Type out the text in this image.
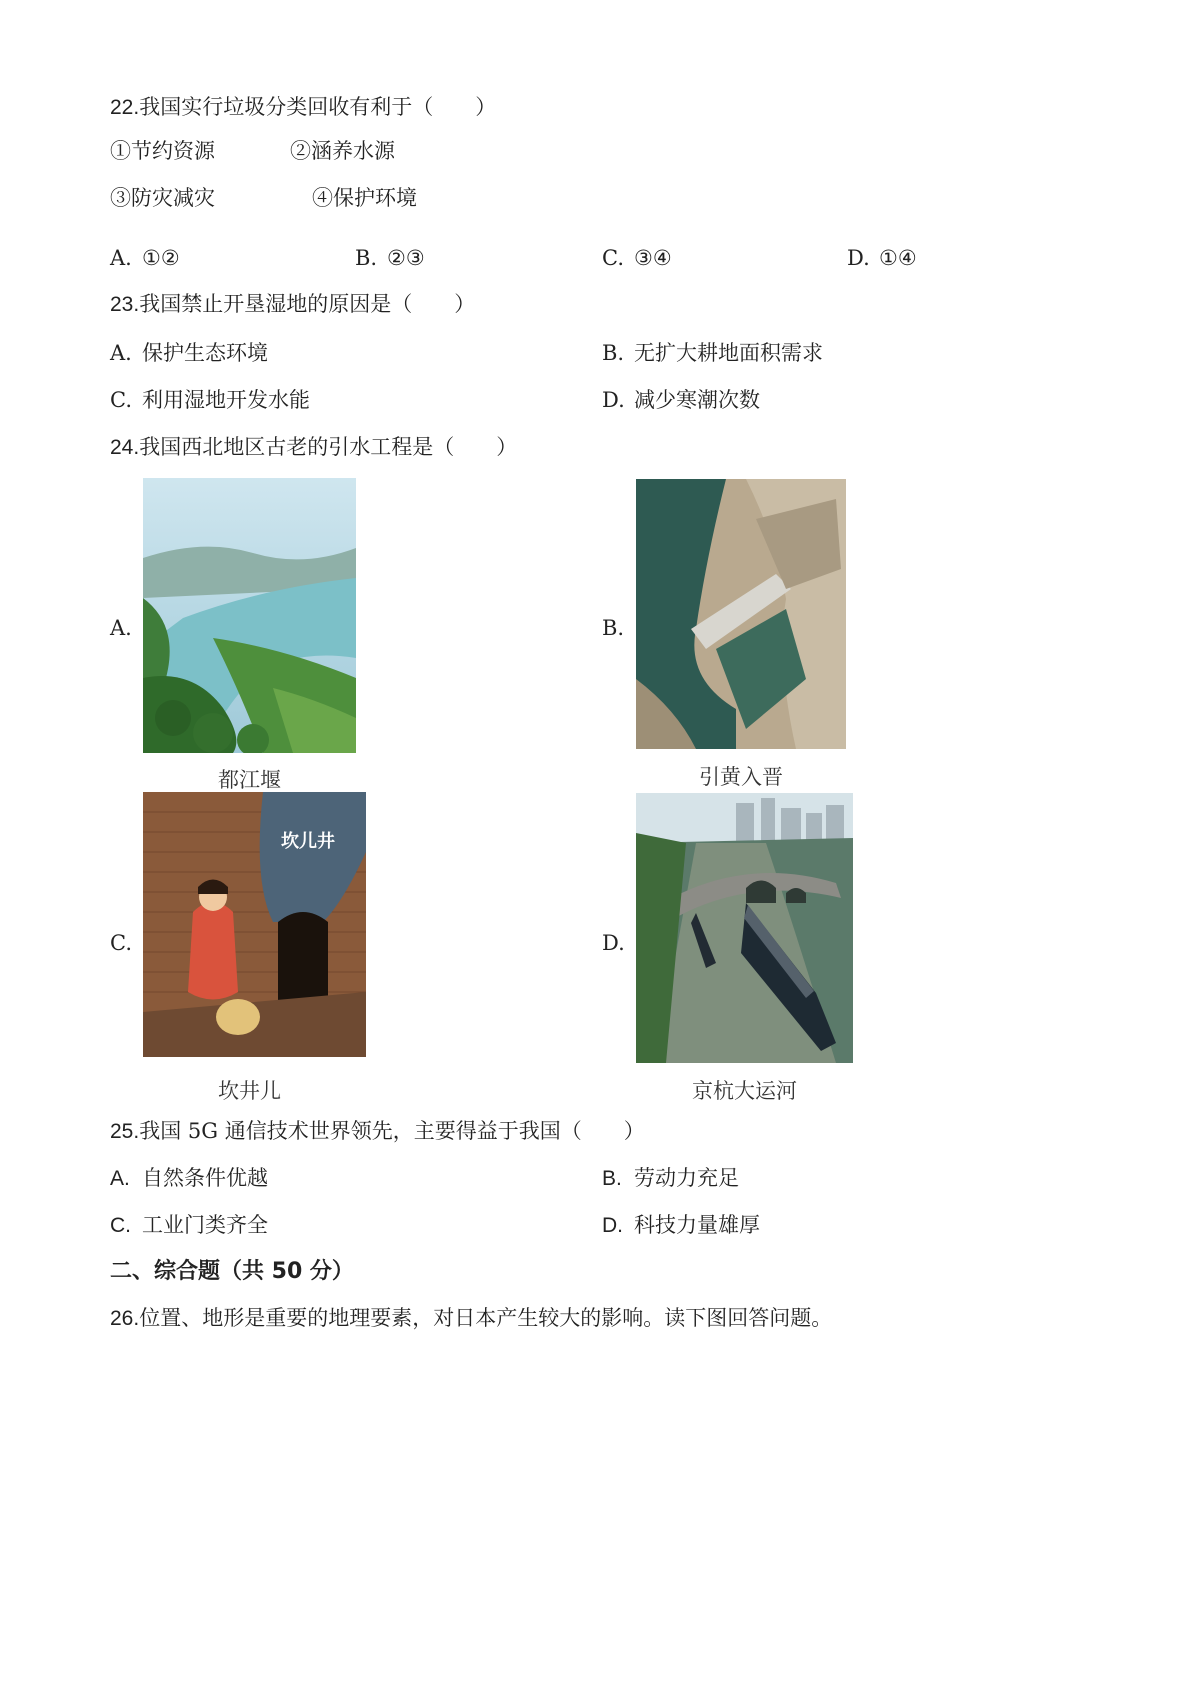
22.我国实行垃圾分类回收有利于（　　）
①节约资源	②涵养水源
③防灾减灾	④保护环境
A. ①②	B. ②③	C. ③④	D. ①④
23.我国禁止开垦湿地的原因是（　　）
A. 保护生态环境	B. 无扩大耕地面积需求
C. 利用湿地开发水能	D. 减少寒潮次数
24.我国西北地区古老的引水工程是（　　）
A.
都江堰
B.
引黄入晋
C.
坎儿井
坎井儿
D.
京杭大运河
25.我国 5G 通信技术世界领先，主要得益于我国（　　）
A. 自然条件优越	B. 劳动力充足
C. 工业门类齐全	D. 科技力量雄厚
二、综合题（共 50 分）
26.位置、地形是重要的地理要素，对日本产生较大的影响。读下图回答问题。
